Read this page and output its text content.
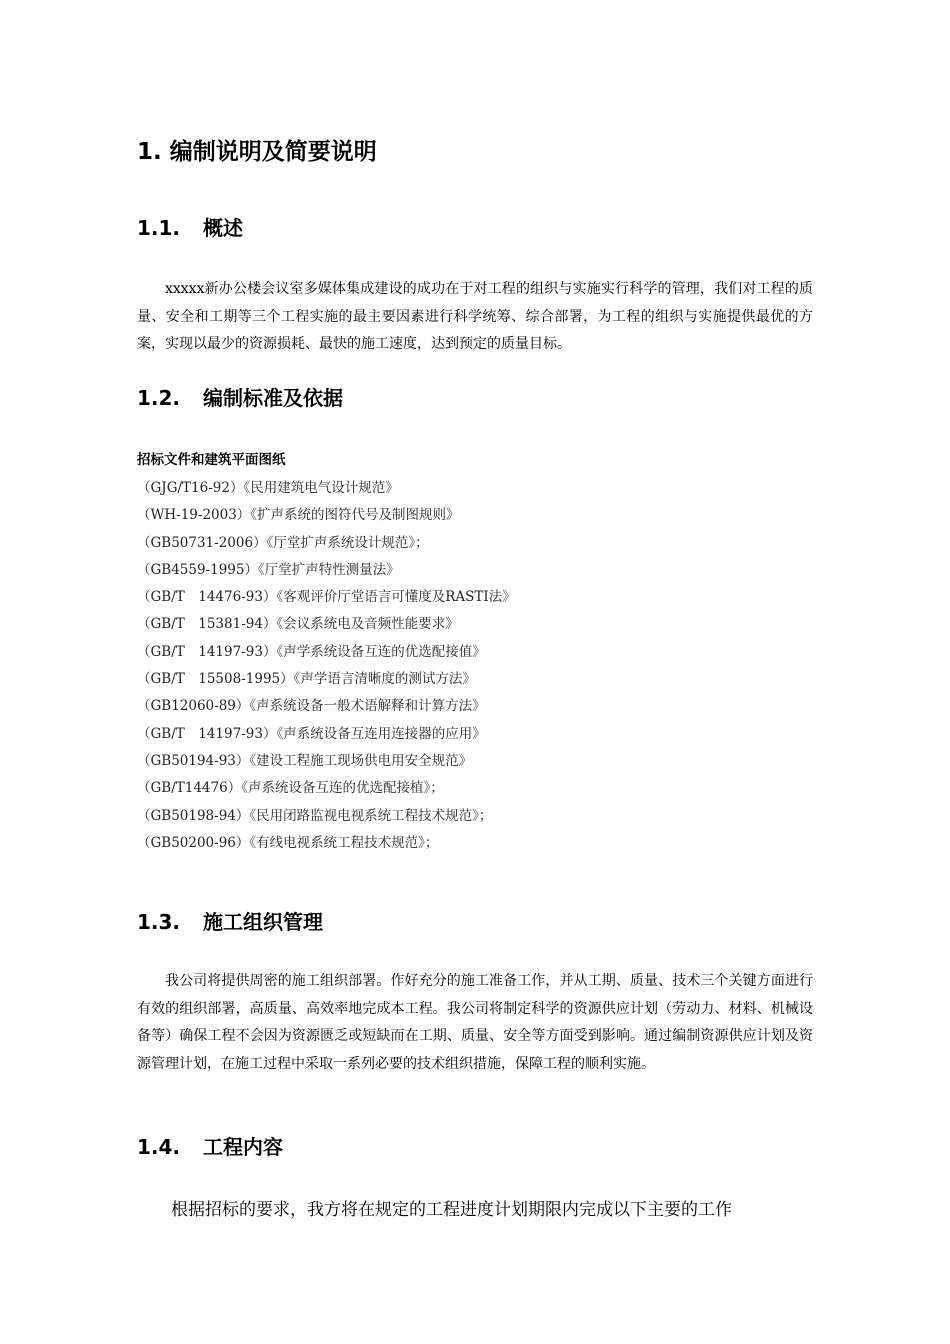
1. 编制说明及简要说明
1.1. 概述

xxxxx新办公楼会议室多媒体集成建设的成功在于对工程的组织与实施实行科学的管理，我们对工程的质量、安全和工期等三个工程实施的最主要因素进行科学统筹、综合部署，为工程的组织与实施提供最优的方案，实现以最少的资源损耗、最快的施工速度，达到预定的质量目标。

1.2. 编制标准及依据
招标文件和建筑平面图纸
（GJG/T16-92）《民用建筑电气设计规范》
（WH-19-2003）《扩声系统的图符代号及制图规则》
（GB50731-2006）《厅堂扩声系统设计规范》；
（GB4559-1995）《厅堂扩声特性测量法》
（GB/T　14476-93）《客观评价厅堂语言可懂度及RASTI法》
（GB/T　15381-94）《会议系统电及音频性能要求》
（GB/T　14197-93）《声学系统设备互连的优选配接值》
（GB/T　15508-1995）《声学语言清晰度的测试方法》
（GB12060-89）《声系统设备一般术语解释和计算方法》
（GB/T　14197-93）《声系统设备互连用连接器的应用》
（GB50194-93）《建设工程施工现场供电用安全规范》
（GB/T14476）《声系统设备互连的优选配接植》；
（GB50198-94）《民用闭路监视电视系统工程技术规范》；
（GB50200-96）《有线电视系统工程技术规范》；
1.3. 施工组织管理

我公司将提供周密的施工组织部署。作好充分的施工准备工作，并从工期、质量、技术三个关键方面进行有效的组织部署，高质量、高效率地完成本工程。我公司将制定科学的资源供应计划（劳动力、材料、机械设备等）确保工程不会因为资源匮乏或短缺而在工期、质量、安全等方面受到影响。通过编制资源供应计划及资源管理计划，在施工过程中采取一系列必要的技术组织措施，保障工程的顺利实施。

1.4. 工程内容

根据招标的要求，我方将在规定的工程进度计划期限内完成以下主要的工作
